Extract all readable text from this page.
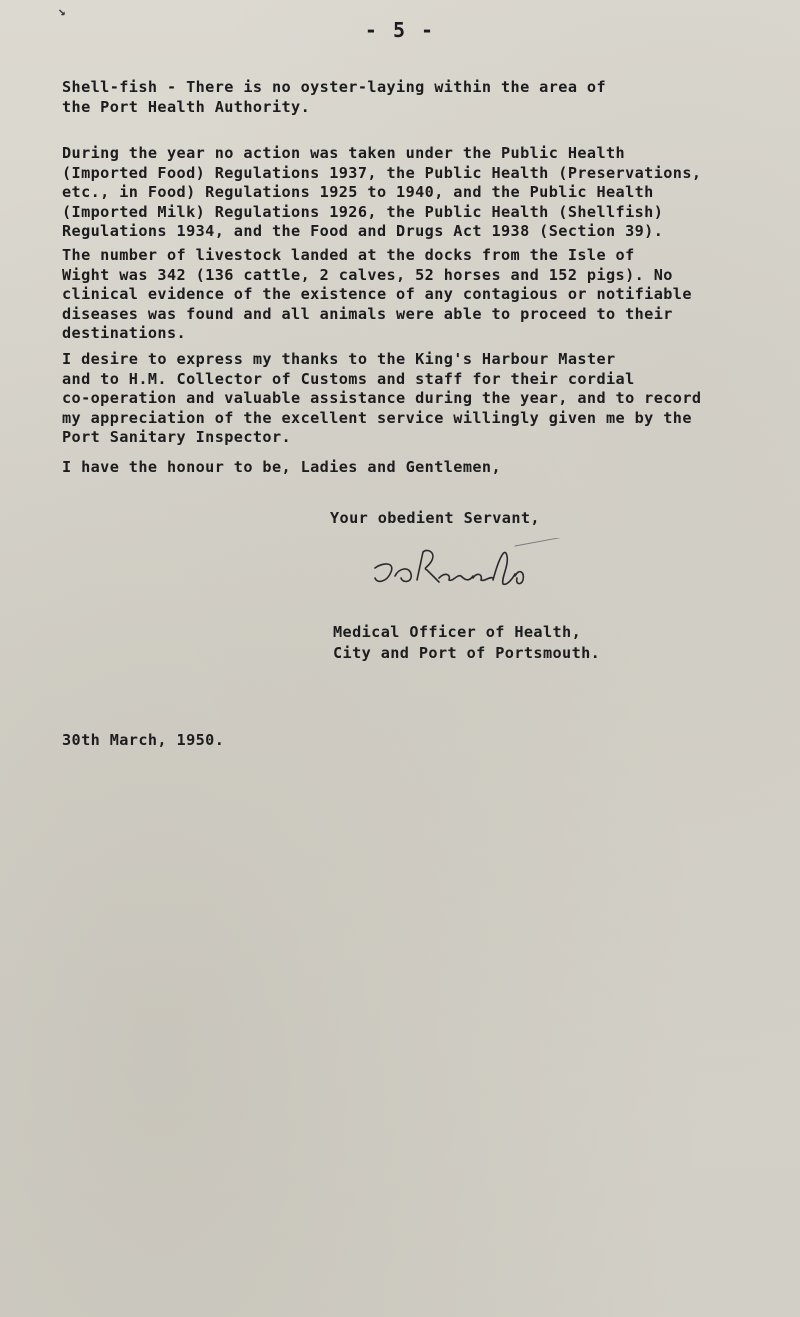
↘
- 5 -

Shell-fish - There is no oyster-laying within the area of
the Port Health Authority.

During the year no action was taken under the Public Health
(Imported Food) Regulations 1937, the Public Health (Preservations,
etc., in Food) Regulations 1925 to 1940, and the Public Health
(Imported Milk) Regulations 1926, the Public Health (Shellfish)
Regulations 1934, and the Food and Drugs Act 1938 (Section 39).

The number of livestock landed at the docks from the Isle of
Wight was 342 (136 cattle, 2 calves, 52 horses and 152 pigs). No
clinical evidence of the existence of any contagious or notifiable
diseases was found and all animals were able to proceed to their
destinations.

I desire to express my thanks to the King's Harbour Master
and to H.M. Collector of Customs and staff for their cordial
co-operation and valuable assistance during the year, and to record
my appreciation of the excellent service willingly given me by the
Port Sanitary Inspector.

I have the honour to be, Ladies and Gentlemen,

Your obedient Servant,
Medical Officer of Health,
City and Port of Portsmouth.
30th March, 1950.
